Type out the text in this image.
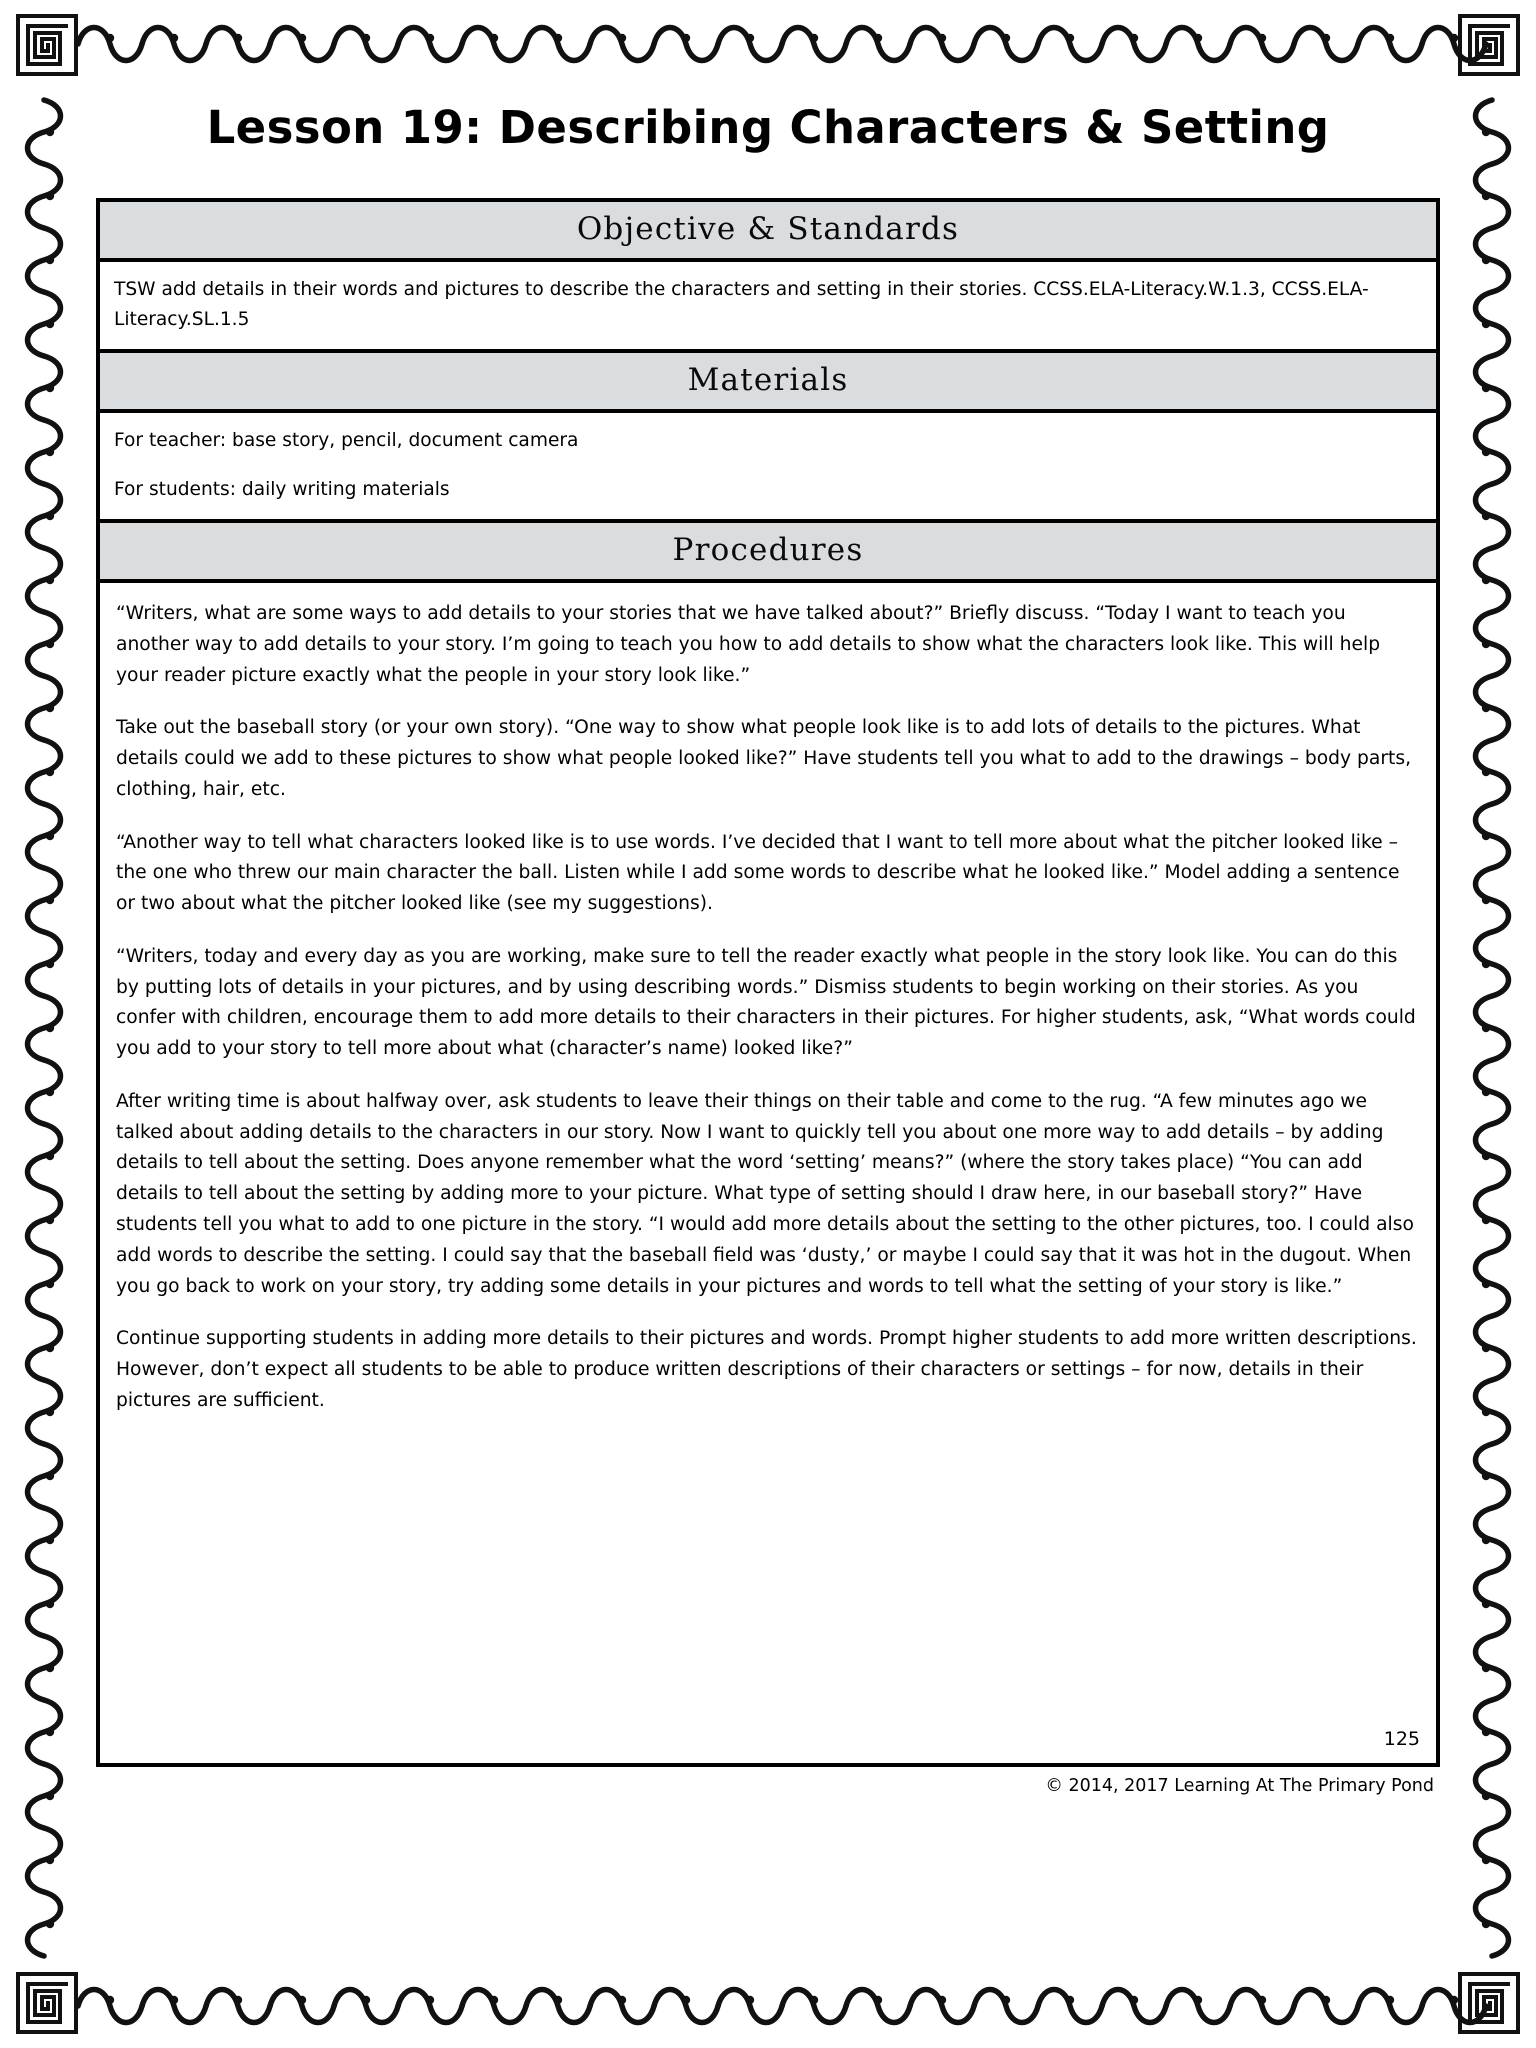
Lesson 19: Describing Characters & Setting
Objective & Standards

TSW add details in their words and pictures to describe the characters and setting in their stories. CCSS.ELA-Literacy.W.1.3, CCSS.ELA-Literacy.SL.1.5

Materials

For teacher: base story, pencil, document camera

For students: daily writing materials

Procedures

“Writers, what are some ways to add details to your stories that we have talked about?” Briefly discuss. “Today I want to teach you another way to add details to your story. I’m going to teach you how to add details to show what the characters look like. This will help your reader picture exactly what the people in your story look like.”

Take out the baseball story (or your own story). “One way to show what people look like is to add lots of details to the pictures. What details could we add to these pictures to show what people looked like?” Have students tell you what to add to the drawings – body parts, clothing, hair, etc.

“Another way to tell what characters looked like is to use words. I’ve decided that I want to tell more about what the pitcher looked like – the one who threw our main character the ball. Listen while I add some words to describe what he looked like.” Model adding a sentence or two about what the pitcher looked like (see my suggestions).

“Writers, today and every day as you are working, make sure to tell the reader exactly what people in the story look like. You can do this by putting lots of details in your pictures, and by using describing words.” Dismiss students to begin working on their stories. As you confer with children, encourage them to add more details to their characters in their pictures. For higher students, ask, “What words could you add to your story to tell more about what (character’s name) looked like?”

After writing time is about halfway over, ask students to leave their things on their table and come to the rug. “A few minutes ago we talked about adding details to the characters in our story. Now I want to quickly tell you about one more way to add details – by adding details to tell about the setting. Does anyone remember what the word ‘setting’ means?” (where the story takes place) “You can add details to tell about the setting by adding more to your picture. What type of setting should I draw here, in our baseball story?” Have students tell you what to add to one picture in the story. “I would add more details about the setting to the other pictures, too. I could also add words to describe the setting. I could say that the baseball field was ‘dusty,’ or maybe I could say that it was hot in the dugout. When you go back to work on your story, try adding some details in your pictures and words to tell what the setting of your story is like.”

Continue supporting students in adding more details to their pictures and words. Prompt higher students to add more written descriptions. However, don’t expect all students to be able to produce written descriptions of their characters or settings – for now, details in their pictures are sufficient.

125
© 2014, 2017 Learning At The Primary Pond
